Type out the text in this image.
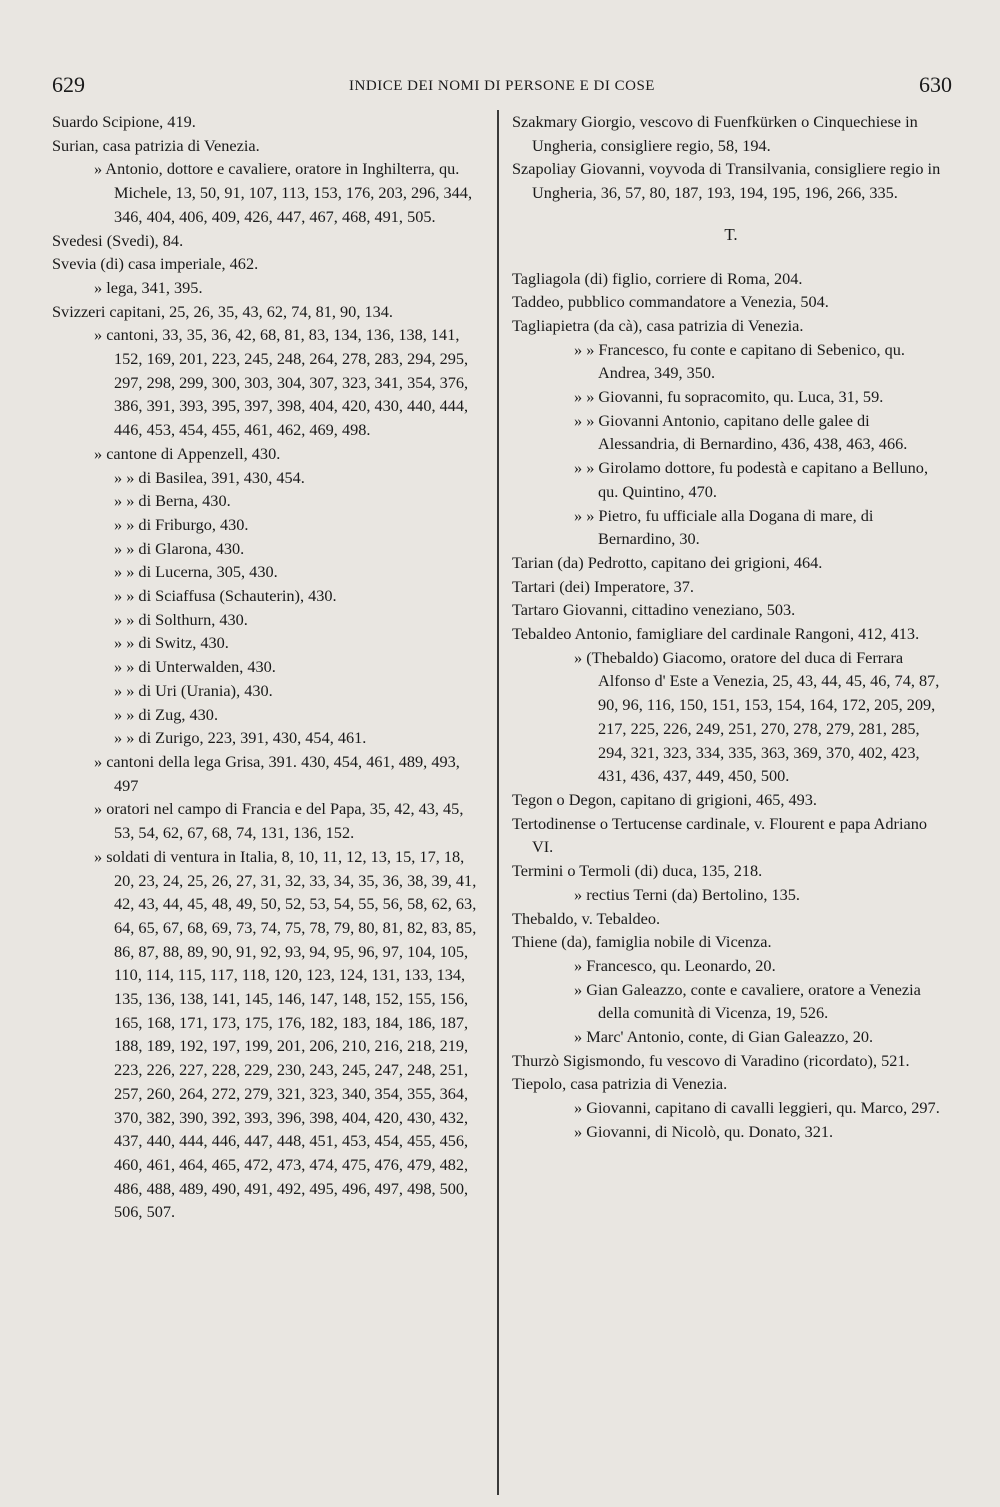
629	INDICE DEI NOMI DI PERSONE E DI COSE	630

Suardo Scipione, 419.

Surian, casa patrizia di Venezia.

» Antonio, dottore e cavaliere, oratore in Inghilterra, qu. Michele, 13, 50, 91, 107, 113, 153, 176, 203, 296, 344, 346, 404, 406, 409, 426, 447, 467, 468, 491, 505.

Svedesi (Svedi), 84.

Svevia (di) casa imperiale, 462.

» lega, 341, 395.

Svizzeri capitani, 25, 26, 35, 43, 62, 74, 81, 90, 134.

» cantoni, 33, 35, 36, 42, 68, 81, 83, 134, 136, 138, 141, 152, 169, 201, 223, 245, 248, 264, 278, 283, 294, 295, 297, 298, 299, 300, 303, 304, 307, 323, 341, 354, 376, 386, 391, 393, 395, 397, 398, 404, 420, 430, 440, 444, 446, 453, 454, 455, 461, 462, 469, 498.

» cantone di Appenzell, 430.

» » di Basilea, 391, 430, 454.

» » di Berna, 430.

» » di Friburgo, 430.

» » di Glarona, 430.

» » di Lucerna, 305, 430.

» » di Sciaffusa (Schauterin), 430.

» » di Solthurn, 430.

» » di Switz, 430.

» » di Unterwalden, 430.

» » di Uri (Urania), 430.

» » di Zug, 430.

» » di Zurigo, 223, 391, 430, 454, 461.

» cantoni della lega Grisa, 391. 430, 454, 461, 489, 493, 497

» oratori nel campo di Francia e del Papa, 35, 42, 43, 45, 53, 54, 62, 67, 68, 74, 131, 136, 152.

» soldati di ventura in Italia, 8, 10, 11, 12, 13, 15, 17, 18, 20, 23, 24, 25, 26, 27, 31, 32, 33, 34, 35, 36, 38, 39, 41, 42, 43, 44, 45, 48, 49, 50, 52, 53, 54, 55, 56, 58, 62, 63, 64, 65, 67, 68, 69, 73, 74, 75, 78, 79, 80, 81, 82, 83, 85, 86, 87, 88, 89, 90, 91, 92, 93, 94, 95, 96, 97, 104, 105, 110, 114, 115, 117, 118, 120, 123, 124, 131, 133, 134, 135, 136, 138, 141, 145, 146, 147, 148, 152, 155, 156, 165, 168, 171, 173, 175, 176, 182, 183, 184, 186, 187, 188, 189, 192, 197, 199, 201, 206, 210, 216, 218, 219, 223, 226, 227, 228, 229, 230, 243, 245, 247, 248, 251, 257, 260, 264, 272, 279, 321, 323, 340, 354, 355, 364, 370, 382, 390, 392, 393, 396, 398, 404, 420, 430, 432, 437, 440, 444, 446, 447, 448, 451, 453, 454, 455, 456, 460, 461, 464, 465, 472, 473, 474, 475, 476, 479, 482, 486, 488, 489, 490, 491, 492, 495, 496, 497, 498, 500, 506, 507.

Szakmary Giorgio, vescovo di Fuenfkürken o Cinquechiese in Ungheria, consigliere regio, 58, 194.

Szapoliay Giovanni, voyvoda di Transilvania, consigliere regio in Ungheria, 36, 57, 80, 187, 193, 194, 195, 196, 266, 335.

T.

Tagliagola (di) figlio, corriere di Roma, 204.

Taddeo, pubblico commandatore a Venezia, 504.

Tagliapietra (da cà), casa patrizia di Venezia.

» » Francesco, fu conte e capitano di Sebenico, qu. Andrea, 349, 350.

» » Giovanni, fu sopracomito, qu. Luca, 31, 59.

» » Giovanni Antonio, capitano delle galee di Alessandria, di Bernardino, 436, 438, 463, 466.

» » Girolamo dottore, fu podestà e capitano a Belluno, qu. Quintino, 470.

» » Pietro, fu ufficiale alla Dogana di mare, di Bernardino, 30.

Tarian (da) Pedrotto, capitano dei grigioni, 464.

Tartari (dei) Imperatore, 37.

Tartaro Giovanni, cittadino veneziano, 503.

Tebaldeo Antonio, famigliare del cardinale Rangoni, 412, 413.

» (Thebaldo) Giacomo, oratore del duca di Ferrara Alfonso d' Este a Venezia, 25, 43, 44, 45, 46, 74, 87, 90, 96, 116, 150, 151, 153, 154, 164, 172, 205, 209, 217, 225, 226, 249, 251, 270, 278, 279, 281, 285, 294, 321, 323, 334, 335, 363, 369, 370, 402, 423, 431, 436, 437, 449, 450, 500.

Tegon o Degon, capitano di grigioni, 465, 493.

Tertodinense o Tertucense cardinale, v. Flourent e papa Adriano VI.

Termini o Termoli (di) duca, 135, 218.

» rectius Terni (da) Bertolino, 135.

Thebaldo, v. Tebaldeo.

Thiene (da), famiglia nobile di Vicenza.

» Francesco, qu. Leonardo, 20.

» Gian Galeazzo, conte e cavaliere, oratore a Venezia della comunità di Vicenza, 19, 526.

» Marc' Antonio, conte, di Gian Galeazzo, 20.

Thurzò Sigismondo, fu vescovo di Varadino (ricordato), 521.

Tiepolo, casa patrizia di Venezia.

» Giovanni, capitano di cavalli leggieri, qu. Marco, 297.

» Giovanni, di Nicolò, qu. Donato, 321.
